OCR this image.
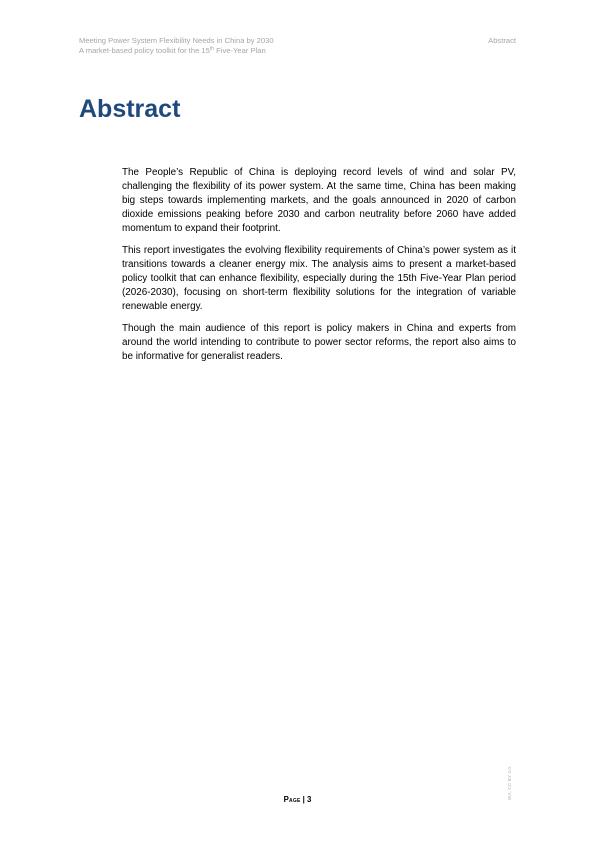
Meeting Power System Flexibility Needs in China by 2030
A market-based policy toolkit for the 15th Five-Year Plan
Abstract
Abstract

The People’s Republic of China is deploying record levels of wind and solar PV, challenging the flexibility of its power system. At the same time, China has been making big steps towards implementing markets, and the goals announced in 2020 of carbon dioxide emissions peaking before 2030 and carbon neutrality before 2060 have added momentum to expand their footprint.

This report investigates the evolving flexibility requirements of China’s power system as it transitions towards a cleaner energy mix. The analysis aims to present a market-based policy toolkit that can enhance flexibility, especially during the 15th Five-Year Plan period (2026-2030), focusing on short-term flexibility solutions for the integration of variable renewable energy.

Though the main audience of this report is policy makers in China and experts from around the world intending to contribute to power sector reforms, the report also aims to be informative for generalist readers.

Page | 3	IEA. CC BY 4.0.
